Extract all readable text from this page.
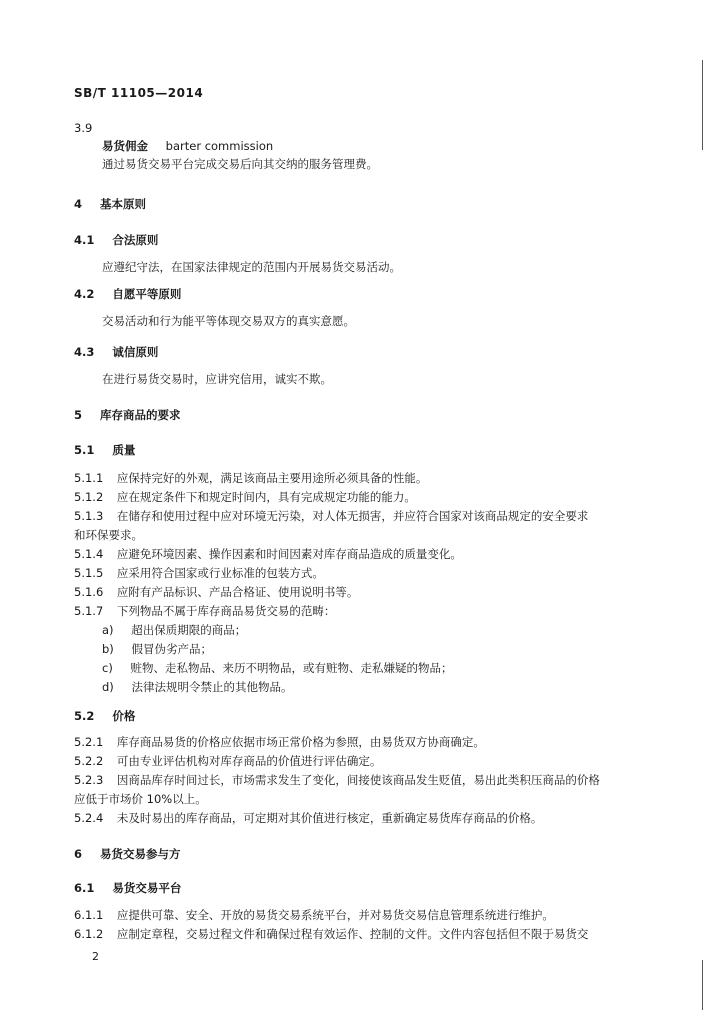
SB/T 11105—2014
3.9
易货佣金 barter commission
通过易货交易平台完成交易后向其交纳的服务管理费。
4 基本原则
4.1 合法原则
应遵纪守法，在国家法律规定的范围内开展易货交易活动。
4.2 自愿平等原则
交易活动和行为能平等体现交易双方的真实意愿。
4.3 诚信原则
在进行易货交易时，应讲究信用，诚实不欺。
5 库存商品的要求
5.1 质量
5.1.1 应保持完好的外观，满足该商品主要用途所必须具备的性能。
5.1.2 应在规定条件下和规定时间内，具有完成规定功能的能力。
5.1.3 在储存和使用过程中应对环境无污染，对人体无损害，并应符合国家对该商品规定的安全要求
和环保要求。
5.1.4 应避免环境因素、操作因素和时间因素对库存商品造成的质量变化。
5.1.5 应采用符合国家或行业标准的包装方式。
5.1.6 应附有产品标识、产品合格证、使用说明书等。
5.1.7 下列物品不属于库存商品易货交易的范畴：
a) 超出保质期限的商品；
b) 假冒伪劣产品；
c) 赃物、走私物品、来历不明物品，或有赃物、走私嫌疑的物品；
d) 法律法规明令禁止的其他物品。
5.2 价格
5.2.1 库存商品易货的价格应依据市场正常价格为参照，由易货双方协商确定。
5.2.2 可由专业评估机构对库存商品的价值进行评估确定。
5.2.3 因商品库存时间过长，市场需求发生了变化，间接使该商品发生贬值，易出此类积压商品的价格
应低于市场价 10%以上。
5.2.4 未及时易出的库存商品，可定期对其价值进行核定，重新确定易货库存商品的价格。
6 易货交易参与方
6.1 易货交易平台
6.1.1 应提供可靠、安全、开放的易货交易系统平台，并对易货交易信息管理系统进行维护。
6.1.2 应制定章程，交易过程文件和确保过程有效运作、控制的文件。文件内容包括但不限于易货交
2
